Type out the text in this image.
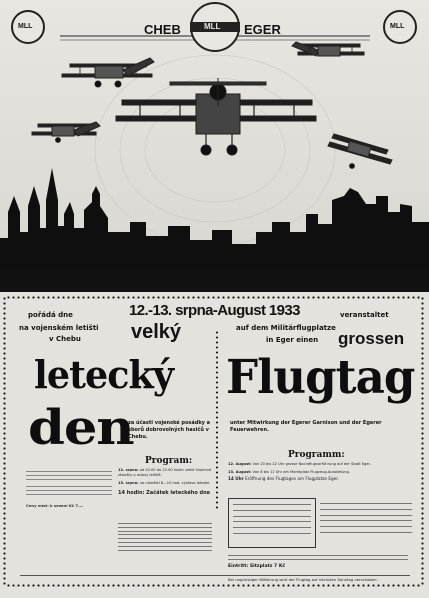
MLL	MLL
MLL
CHEB	EGER
pořádá dne
na vojenském letišti
v Chebu
12.-13. srpna-August 1933	veranstaltet
auf dem Militärflugplatze
in Eger einen
velký	grossen
letecký
den
Flugtag
za účasti vojenské posádky a sborů dobrovolných hasičů v Chebu.
unter Mitwirkung der Egerer Garnison und der Egerer Feuerwehren.
Program:
Programm:
Ceny míst: k sezení Kč 7.—
12. srpna: od 20.00 do 22.00 hodin velké hlubinné zkoušky a oslavy letiště.
13. srpna: na náměstí 8—10 hod. výstava letadel.
14 hodin: Začátek leteckého dne
12. August: Von 20 bis 22 Uhr grosse Nachtflugvorführung auf der Stadt Eger.
13. August: Von 8 bis 12 Uhr am Marktplatz Flugzeug-Ausstellung.
14 Uhr Eröffnung des Flugtages am Flugplatze Eger.
Eintritt: Sitzplatz 7 Kč
Bei ungünstiger Witterung wird der Flugtag auf nächsten Sonntag verschoben.
